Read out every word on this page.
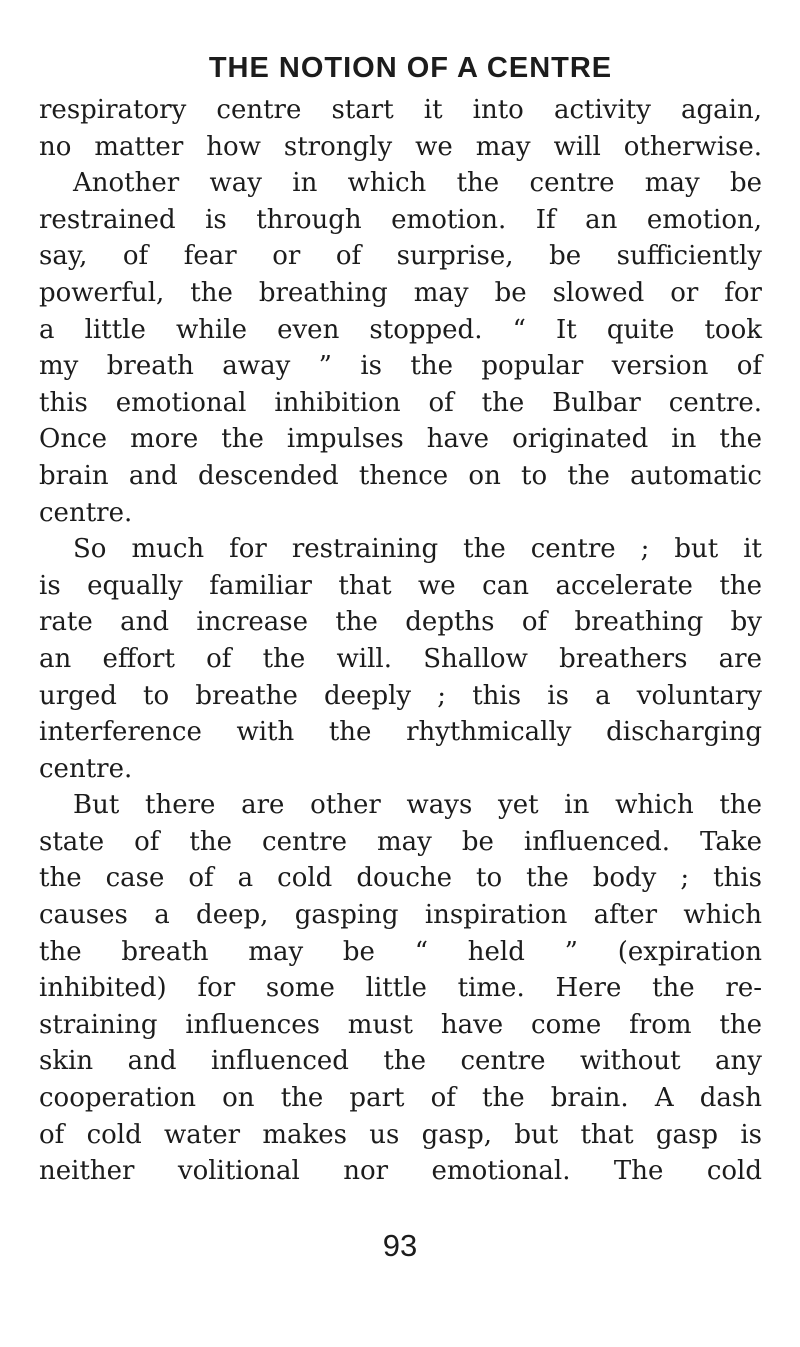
THE NOTION OF A CENTRE
respiratory centre start it into activity again,
no matter how strongly we may will otherwise.
Another way in which the centre may be
restrained is through emotion. If an emotion,
say, of fear or of surprise, be sufficiently
powerful, the breathing may be slowed or for
a little while even stopped. “ It quite took
my breath away ” is the popular version of
this emotional inhibition of the Bulbar centre.
Once more the impulses have originated in the
brain and descended thence on to the automatic
centre.
So much for restraining the centre ; but it
is equally familiar that we can accelerate the
rate and increase the depths of breathing by
an effort of the will. Shallow breathers are
urged to breathe deeply ; this is a voluntary
interference with the rhythmically discharging
centre.
But there are other ways yet in which the
state of the centre may be influenced. Take
the case of a cold douche to the body ; this
causes a deep, gasping inspiration after which
the breath may be “ held ” (expiration
inhibited) for some little time. Here the re-
straining influences must have come from the
skin and influenced the centre without any
cooperation on the part of the brain. A dash
of cold water makes us gasp, but that gasp is
neither volitional nor emotional. The cold
93
